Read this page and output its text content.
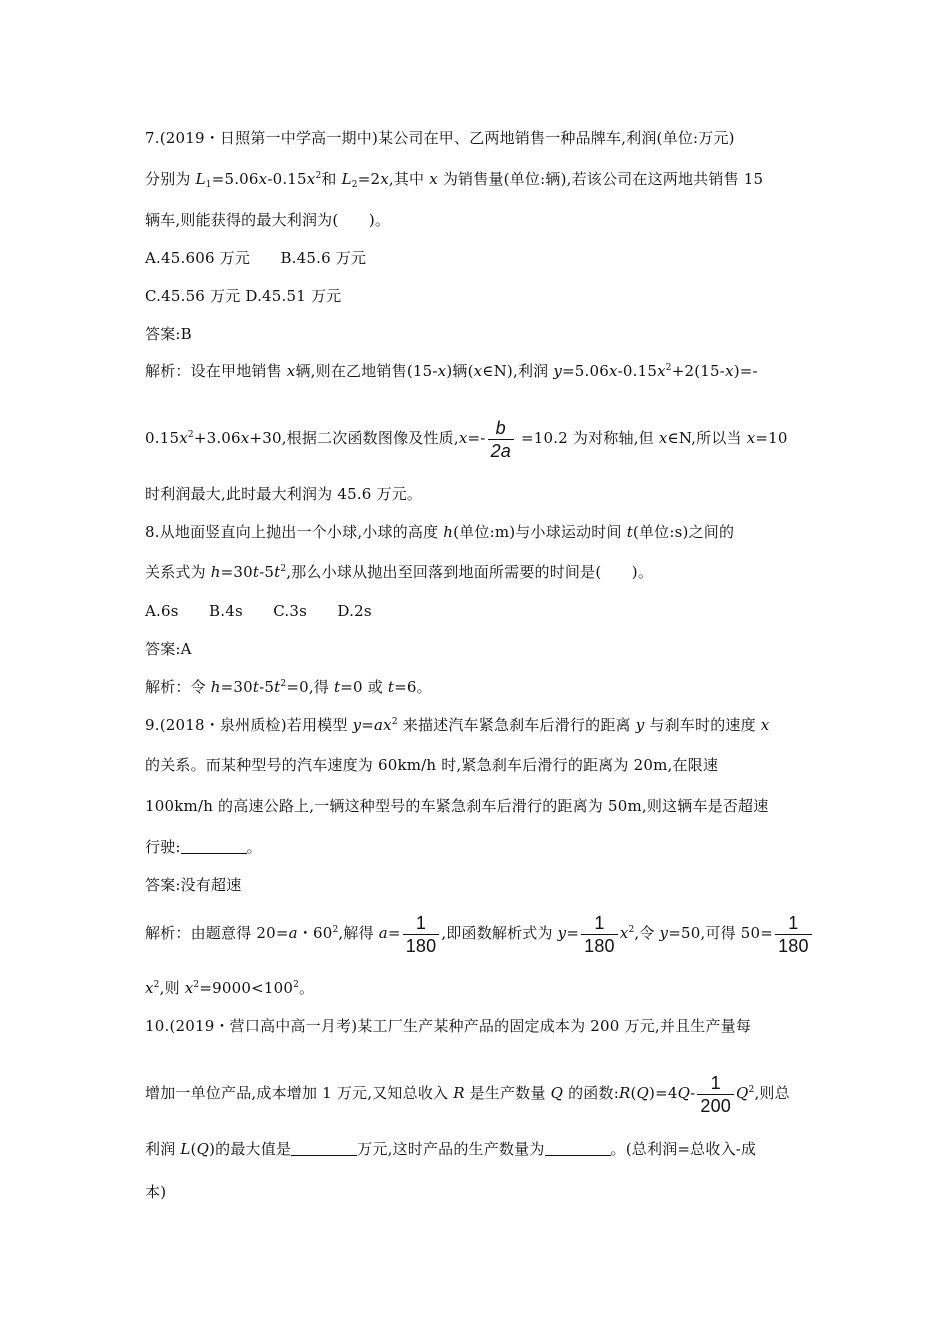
7.(2019・日照第一中学高一期中)某公司在甲、乙两地销售一种品牌车,利润(单位:万元)
分别为 $L_1=5.06x-0.15x^2$和 $L_2=2x$,其中 x 为销售量(单位:辆),若该公司在这两地共销售 15
辆车,则能获得的最大利润为(　　)。
A.45.606 万元　　B.45.6 万元
C.45.56 万元 D.45.51 万元
答案:B
解析：设在甲地销售 x辆,则在乙地销售(15-x)辆(x∈N),利润 $y=5.06x-0.15x^2+2(15-x)=-$
$0.15x^2+3.06x+30$,根据二次函数图像及性质$,x=- \frac{b}{2a} =10.2$ 为对称轴,但 x∈N,所以当 x=10
时利润最大,此时最大利润为 45.6 万元。
8.从地面竖直向上抛出一个小球,小球的高度 h(单位:m)与小球运动时间 t(单位:s)之间的
关系式为 $h=30t-5t^2$,那么小球从抛出至回落到地面所需要的时间是(　　)。
A.6s　　B.4s　　C.3s　　D.2s
答案:A
解析：令 $h=30t-5t^2=0$,得 t=0 或 t=6。
9.(2018・泉州质检)若用模型 $y=ax^2$ 来描述汽车紧急刹车后滑行的距离 y 与刹车时的速度 x
的关系。而某种型号的汽车速度为 60km/h 时,紧急刹车后滑行的距离为 20m,在限速
100km/h 的高速公路上,一辆这种型号的车紧急刹车后滑行的距离为 50m,则这辆车是否超速
行驶:	。
答案:没有超速
解析：由题意得 20=a・$60^2$,解得 $a= \frac{1}{180}$ ,即函数解析式为 $y= \frac{1}{180} x^2$,令 y=50,可得 $50= \frac{1}{180}$
$x^2$,则 $x^2=9000<100^2$。
10.(2019・营口高中高一月考)某工厂生产某种产品的固定成本为 200 万元,并且生产量每
增加一单位产品,成本增加 1 万元,又知总收入 R 是生产数量 Q 的函数:R(Q)=4Q- $\frac{1}{200} Q^2$,则总
利润 L(Q)的最大值是	万元,这时产品的生产数量为	。(总利润=总收入-成
本)
